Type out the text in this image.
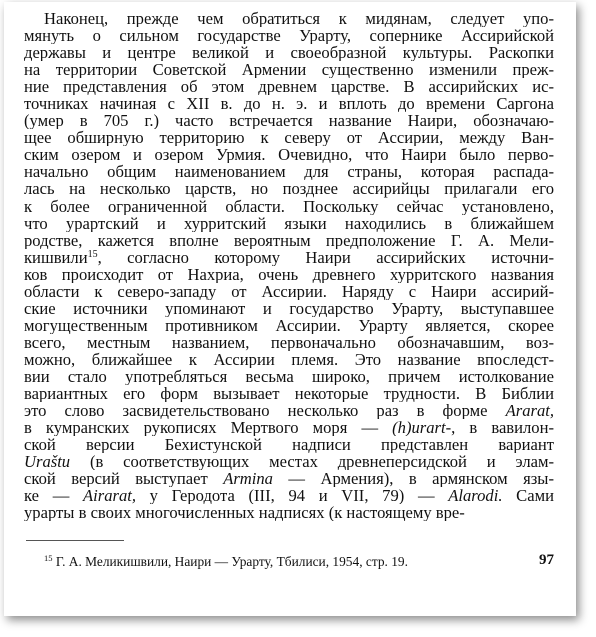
Наконец, прежде чем обратиться к мидянам, следует упо-
мянуть о сильном государстве Урарту, сопернике Ассирийской
державы и центре великой и своеобразной культуры. Раскопки
на территории Советской Армении существенно изменили преж-
ние представления об этом древнем царстве. В ассирийских ис-
точниках начиная с XII в. до н. э. и вплоть до времени Саргона
(умер в 705 г.) часто встречается название Наири, обозначаю-
щее обширную территорию к северу от Ассирии, между Ван-
ским озером и озером Урмия. Очевидно, что Наири было перво-
начально общим наименованием для страны, которая распада-
лась на несколько царств, но позднее ассирийцы прилагали его
к более ограниченной области. Поскольку сейчас установлено,
что урартский и хурритский языки находились в ближайшем
родстве, кажется вполне вероятным предположение Г. А. Мели-
кишвили$^{15}$, согласно которому Наири ассирийских источни-
ков происходит от Нахриа, очень древнего хурритского названия
области к северо-западу от Ассирии. Наряду с Наири ассирий-
ские источники упоминают и государство Урарту, выступавшее
могущественным противником Ассирии. Урарту является, скорее
всего, местным названием, первоначально обозначавшим, воз-
можно, ближайшее к Ассирии племя. Это название впоследст-
вии стало употребляться весьма широко, причем истолкование
вариантных его форм вызывает некоторые трудности. В Библии
это слово засвидетельствовано несколько раз в форме Ararat,
в кумранских рукописях Мертвого моря — (h)urart-, в вавилон-
ской версии Бехистунской надписи представлен вариант
Uraštu (в соответствующих местах древнеперсидской и элам-
ской версий выступает Armina — Армения), в армянском язы-
ке — Airarat, у Геродота (III, 94 и VII, 79) — Alarodi. Сами
урарты в своих многочисленных надписях (к настоящему вре-
$^{15}$ Г. А. Меликишвили, Наири — Урарту, Тбилиси, 1954, стр. 19.	97
